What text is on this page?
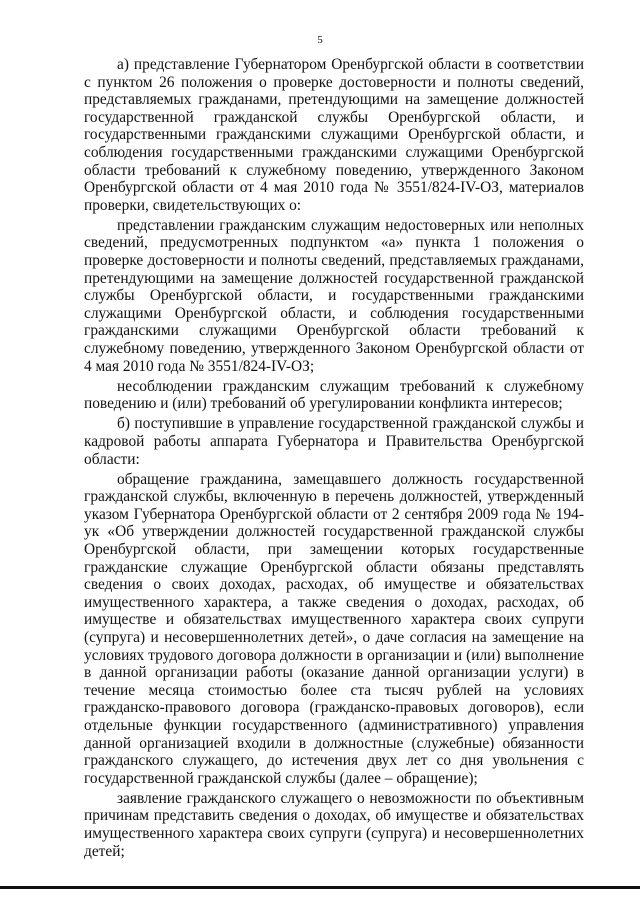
5

а) представление Губернатором Оренбургской области в соответствии с пунктом 26 положения о проверке достоверности и полноты сведений, представляемых гражданами, претендующими на замещение должностей государственной гражданской службы Оренбургской области, и государственными гражданскими служащими Оренбургской области, и соблюдения государственными гражданскими служащими Оренбургской области требований к служебному поведению, утвержденного Законом Оренбургской области от 4 мая 2010 года № 3551/824-IV-ОЗ, материалов проверки, свидетельствующих о:

представлении гражданским служащим недостоверных или неполных сведений, предусмотренных подпунктом «а» пункта 1 положения о проверке достоверности и полноты сведений, представляемых гражданами, претендующими на замещение должностей государственной гражданской службы Оренбургской области, и государственными гражданскими служащими Оренбургской области, и соблюдения государственными гражданскими служащими Оренбургской области требований к служебному поведению, утвержденного Законом Оренбургской области от 4 мая 2010 года № 3551/824-IV-ОЗ;

несоблюдении гражданским служащим требований к служебному поведению и (или) требований об урегулировании конфликта интересов;

б) поступившие в управление государственной гражданской службы и кадровой работы аппарата Губернатора и Правительства Оренбургской области:

обращение гражданина, замещавшего должность государственной гражданской службы, включенную в перечень должностей, утвержденный указом Губернатора Оренбургской области от 2 сентября 2009 года № 194-ук «Об утверждении должностей государственной гражданской службы Оренбургской области, при замещении которых государственные гражданские служащие Оренбургской области обязаны представлять сведения о своих доходах, расходах, об имуществе и обязательствах имущественного характера, а также сведения о доходах, расходах, об имуществе и обязательствах имущественного характера своих супруги (супруга) и несовершеннолетних детей», о даче согласия на замещение на условиях трудового договора должности в организации и (или) выполнение в данной организации работы (оказание данной организации услуги) в течение месяца стоимостью более ста тысяч рублей на условиях гражданско-правового договора (гражданско-правовых договоров), если отдельные функции государственного (административного) управления данной организацией входили в должностные (служебные) обязанности гражданского служащего, до истечения двух лет со дня увольнения с государственной гражданской службы (далее – обращение);

заявление гражданского служащего о невозможности по объективным причинам представить сведения о доходах, об имуществе и обязательствах имущественного характера своих супруги (супруга) и несовершеннолетних детей;
